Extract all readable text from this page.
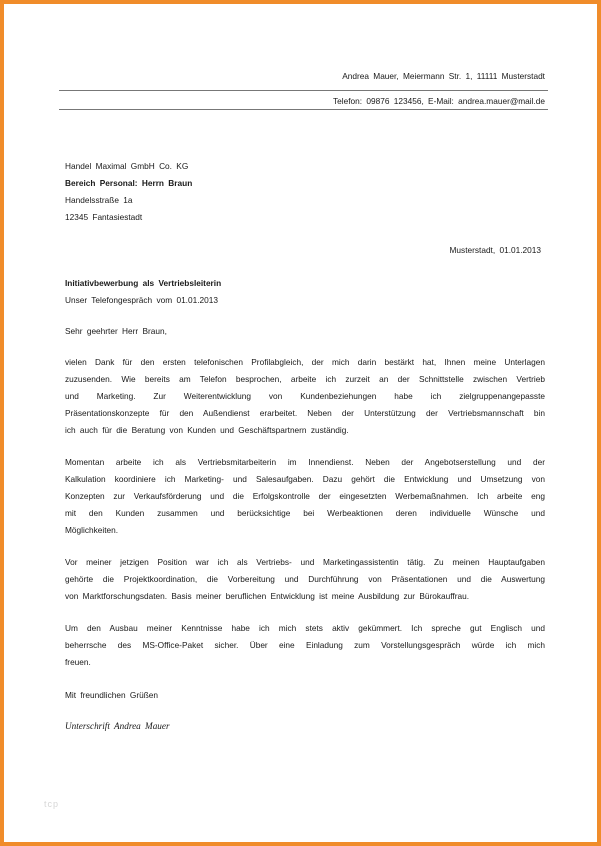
Andrea Mauer, Meiermann Str. 1, 11111 Musterstadt
Telefon: 09876 123456, E-Mail: andrea.mauer@mail.de
Handel Maximal GmbH Co. KG
Bereich Personal: Herrn Braun
Handelsstraße 1a
12345 Fantasiestadt
Musterstadt, 01.01.2013
Initiativbewerbung als Vertriebsleiterin
Unser Telefongespräch vom 01.01.2013
Sehr geehrter Herr Braun,
vielen Dank für den ersten telefonischen Profilabgleich, der mich darin bestärkt hat, Ihnen meine Unterlagen
zuzusenden. Wie bereits am Telefon besprochen, arbeite ich zurzeit an der Schnittstelle zwischen Vertrieb
und Marketing. Zur Weiterentwicklung von Kundenbeziehungen habe ich zielgruppenangepasste
Präsentationskonzepte für den Außendienst erarbeitet. Neben der Unterstützung der Vertriebsmannschaft bin
ich auch für die Beratung von Kunden und Geschäftspartnern zuständig.
Momentan arbeite ich als Vertriebsmitarbeiterin im Innendienst. Neben der Angebotserstellung und der
Kalkulation koordiniere ich Marketing- und Salesaufgaben. Dazu gehört die Entwicklung und Umsetzung von
Konzepten zur Verkaufsförderung und die Erfolgskontrolle der eingesetzten Werbemaßnahmen. Ich arbeite eng
mit den Kunden zusammen und berücksichtige bei Werbeaktionen deren individuelle Wünsche und
Möglichkeiten.
Vor meiner jetzigen Position war ich als Vertriebs- und Marketingassistentin tätig. Zu meinen Hauptaufgaben
gehörte die Projektkoordination, die Vorbereitung und Durchführung von Präsentationen und die Auswertung
von Marktforschungsdaten. Basis meiner beruflichen Entwicklung ist meine Ausbildung zur Bürokauffrau.
Um den Ausbau meiner Kenntnisse habe ich mich stets aktiv gekümmert. Ich spreche gut Englisch und
beherrsche des MS-Office-Paket sicher. Über eine Einladung zum Vorstellungsgespräch würde ich mich
freuen.
Mit freundlichen Grüßen
Unterschrift Andrea Mauer
tcp
